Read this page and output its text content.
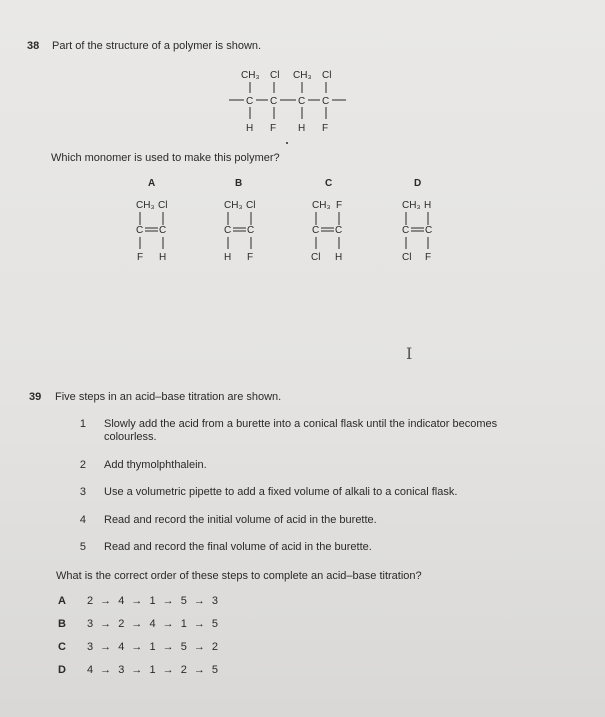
38 Part of the structure of a polymer is shown.
CH₃ Cl CH₃ Cl
C C C C
H F H F
A
CH₃ Cl
C C
F H
B
CH₃ Cl
C C
H F
C
CH₃ F
C C
Cl H
D
CH₃ H
C C
Cl F
Which monomer is used to make this polymer?
I
39 Five steps in an acid–base titration are shown.
1 Slowly add the acid from a burette into a conical flask until the indicator becomes
colourless.
2 Add thymolphthalein.
3 Use a volumetric pipette to add a fixed volume of alkali to a conical flask.
4 Read and record the initial volume of acid in the burette.
5 Read and record the final volume of acid in the burette.
What is the correct order of these steps to complete an acid–base titration?
A 2 → 4 → 1 → 5 → 3
B 3 → 2 → 4 → 1 → 5
C 3 → 4 → 1 → 5 → 2
D 4 → 3 → 1 → 2 → 5
